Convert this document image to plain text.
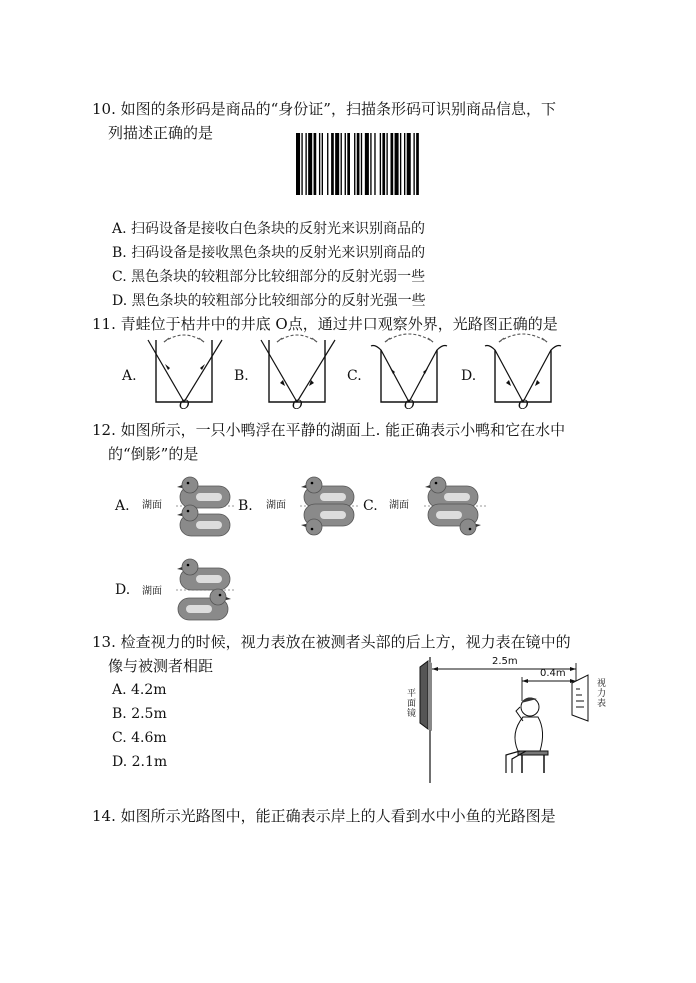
10. 如图的条形码是商品的“身份证”，扫描条形码可识别商品信息，下
列描述正确的是
A. 扫码设备是接收白色条块的反射光来识别商品的
B. 扫码设备是接收黑色条块的反射光来识别商品的
C. 黑色条块的较粗部分比较细部分的反射光弱一些
D. 黑色条块的较粗部分比较细部分的反射光强一些
11. 青蛙位于枯井中的井底 O点，通过井口观察外界，光路图正确的是
A.	B.	C.	D.
O	O	O	O
12. 如图所示，一只小鸭浮在平静的湖面上. 能正确表示小鸭和它在水中
的“倒影”的是
A.	B.	C.
D.
湖面	湖面	湖面
湖面
13. 检查视力的时候，视力表放在被测者头部的后上方，视力表在镜中的
像与被测者相距
A. 4.2m
B. 2.5m
C. 4.6m
D. 2.1m
2.5m
0.4m
平面镜	视力表
14. 如图所示光路图中，能正确表示岸上的人看到水中小鱼的光路图是
